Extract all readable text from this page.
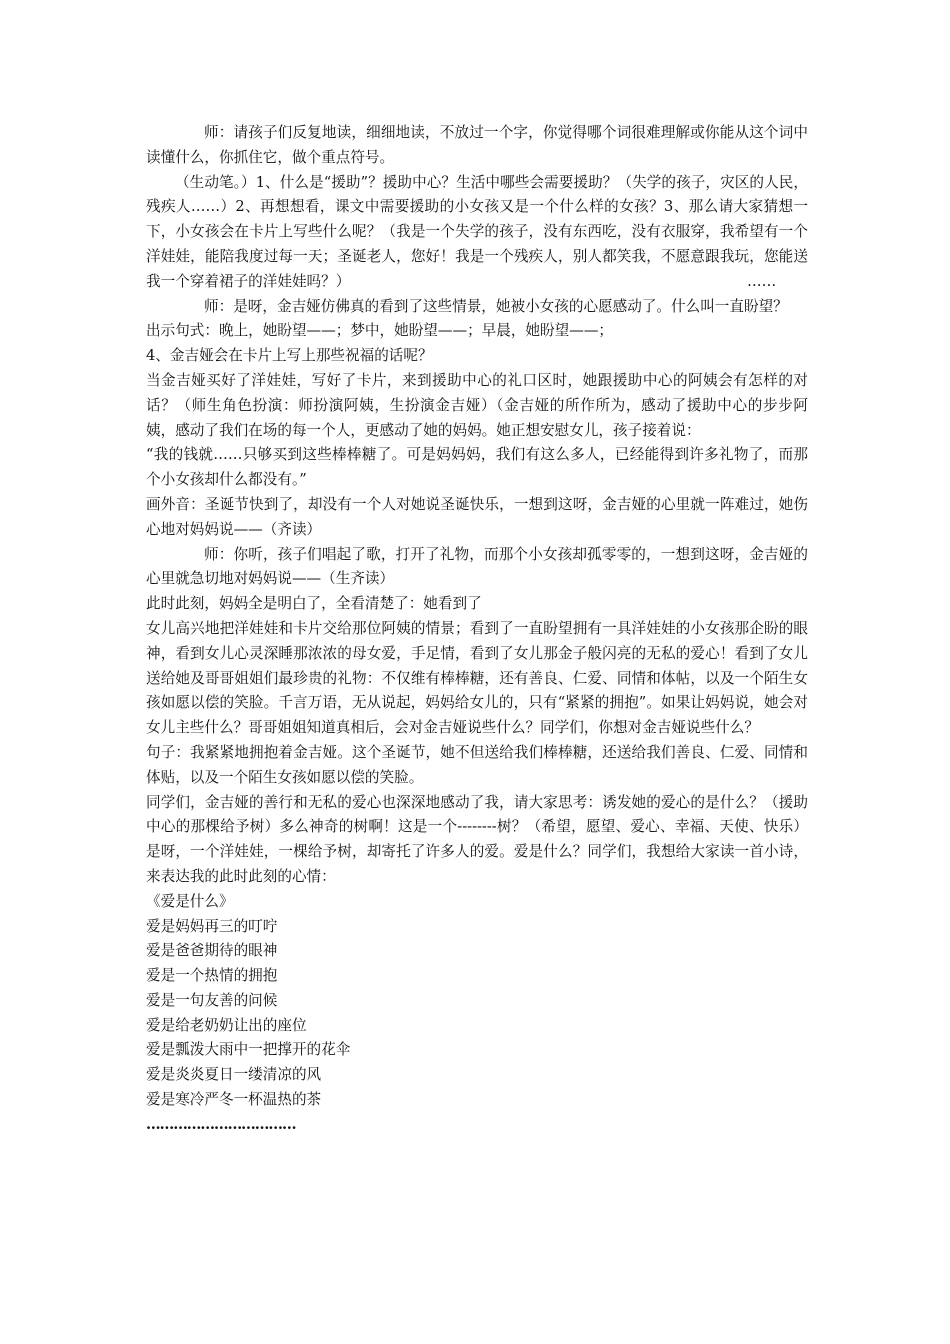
师：请孩子们反复地读，细细地读，不放过一个字，你觉得哪个词很难理解或你能从这个词中读懂什么，你抓住它，做个重点符号。

（生动笔。）1、什么是“援助”？援助中心？生活中哪些会需要援助？（失学的孩子，灾区的人民，残疾人……）2、再想想看，课文中需要援助的小女孩又是一个什么样的女孩？3、那么请大家猜想一下，小女孩会在卡片上写些什么呢？（我是一个失学的孩子，没有东西吃，没有衣服穿，我希望有一个洋娃娃，能陪我度过每一天；圣诞老人，您好！我是一个残疾人，别人都笑我，不愿意跟我玩，您能送我一个穿着裙子的洋娃娃吗？）	……

师：是呀，金吉娅仿佛真的看到了这些情景，她被小女孩的心愿感动了。什么叫一直盼望？

出示句式：晚上，她盼望——；梦中，她盼望——；早晨，她盼望——；

4、金吉娅会在卡片上写上那些祝福的话呢？

当金吉娅买好了洋娃娃，写好了卡片，来到援助中心的礼口区时，她跟援助中心的阿姨会有怎样的对话？（师生角色扮演：师扮演阿姨，生扮演金吉娅）（金吉娅的所作所为，感动了援助中心的步步阿姨，感动了我们在场的每一个人，更感动了她的妈妈。她正想安慰女儿，孩子接着说：

“我的钱就……只够买到这些棒棒糖了。可是妈妈妈，我们有这么多人，已经能得到许多礼物了，而那个小女孩却什么都没有。”

画外音：圣诞节快到了，却没有一个人对她说圣诞快乐，一想到这呀，金吉娅的心里就一阵难过，她伤心地对妈妈说——（齐读）

师：你听，孩子们唱起了歌，打开了礼物，而那个小女孩却孤零零的，一想到这呀，金吉娅的心里就急切地对妈妈说——（生齐读）

此时此刻，妈妈全是明白了，全看清楚了：她看到了

女儿高兴地把洋娃娃和卡片交给那位阿姨的情景；看到了一直盼望拥有一具洋娃娃的小女孩那企盼的眼神，看到女儿心灵深睡那浓浓的母女爱，手足情，看到了女儿那金子般闪亮的无私的爱心！看到了女儿送给她及哥哥姐姐们最珍贵的礼物：不仅维有棒棒糖，还有善良、仁爱、同情和体帖，以及一个陌生女孩如愿以偿的笑脸。千言万语，无从说起，妈妈给女儿的，只有“紧紧的拥抱”。如果让妈妈说，她会对女儿主些什么？哥哥姐姐知道真相后，会对金吉娅说些什么？同学们，你想对金吉娅说些什么？

句子：我紧紧地拥抱着金吉娅。这个圣诞节，她不但送给我们棒棒糖，还送给我们善良、仁爱、同情和体贴，以及一个陌生女孩如愿以偿的笑脸。

同学们，金吉娅的善行和无私的爱心也深深地感动了我，请大家思考：诱发她的爱心的是什么？（援助中心的那棵给予树）多么神奇的树啊！这是一个--------树？（希望，愿望、爱心、幸福、天使、快乐）是呀，一个洋娃娃，一棵给予树，却寄托了许多人的爱。爱是什么？同学们，我想给大家读一首小诗，来表达我的此时此刻的心情：

《爱是什么》

爱是妈妈再三的叮咛

爱是爸爸期待的眼神

爱是一个热情的拥抱

爱是一句友善的问候

爱是给老奶奶让出的座位

爱是瓢泼大雨中一把撑开的花伞

爱是炎炎夏日一缕清凉的风

爱是寒冷严冬一杯温热的茶

……………………………
